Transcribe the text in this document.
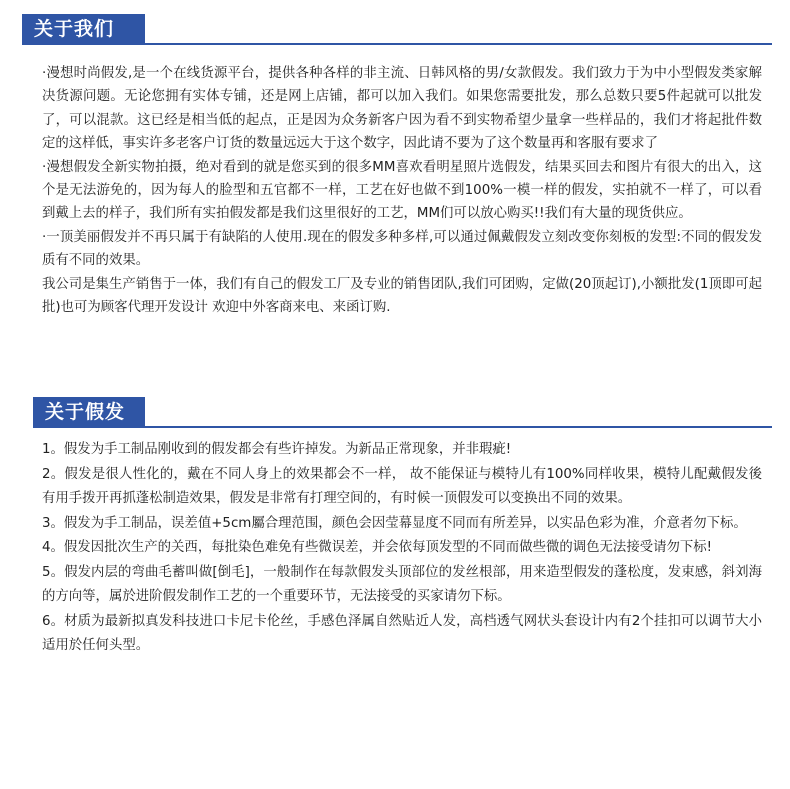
关于我们

·漫想时尚假发,是一个在线货源平台，提供各种各样的非主流、日韩风格的男/女款假发。我们致力于为中小型假发类家解决货源问题。无论您拥有实体专铺，还是网上店铺，都可以加入我们。如果您需要批发，那么总数只要5件起就可以批发了，可以混款。这已经是相当低的起点，正是因为众务新客户因为看不到实物希望少量拿一些样品的，我们才将起批件数定的这样低，事实许多老客户订货的数量远远大于这个数字，因此请不要为了这个数量再和客服有要求了

·漫想假发全新实物拍摄，绝对看到的就是您买到的很多MM喜欢看明星照片选假发，结果买回去和图片有很大的出入，这个是无法游免的，因为每人的脸型和五官都不一样，工艺在好也做不到100%一模一样的假发，实拍就不一样了，可以看到戴上去的样子，我们所有实拍假发都是我们这里很好的工艺，MM们可以放心购买!!我们有大量的现货供应。

·一顶美丽假发并不再只属于有缺陷的人使用.现在的假发多种多样,可以通过佩戴假发立刻改变你刻板的发型:不同的假发发质有不同的效果。

我公司是集生产销售于一体，我们有自己的假发工厂及专业的销售团队,我们可团购，定做(20顶起订),小额批发(1顶即可起批)也可为顾客代理开发设计 欢迎中外客商来电、来函订购.

关于假发

1。假发为手工制品刚收到的假发都会有些许掉发。为新品正常现象，并非瑕疵!

2。假发是很人性化的，戴在不同人身上的效果都会不一样， 故不能保证与模特儿有100%同样收果，模特儿配戴假发後有用手拨开再抓蓬松制造效果，假发是非常有打理空间的，有时候一顶假发可以变换出不同的效果。

3。假发为手工制品，误差值+5cm屬合理范围，颜色会因莹幕显度不同而有所差异，以实品色彩为准，介意者勿下标。

4。假发因批次生产的关西，每批染色难免有些微误差，并会依每顶发型的不同而做些微的调色无法接受请勿下标!

5。假发内层的弯曲毛蓄叫做[倒毛]，一般制作在每款假发头顶部位的发丝根部，用来造型假发的蓬松度，发束感，斜刘海的方向等，属於进阶假发制作工艺的一个重要环节，无法接受的买家请勿下标。

6。材质为最新拟真发科技进口卡尼卡伦丝，手感色泽属自然贴近人发，高档透气网状头套设计内有2个挂扣可以调节大小适用於任何头型。
